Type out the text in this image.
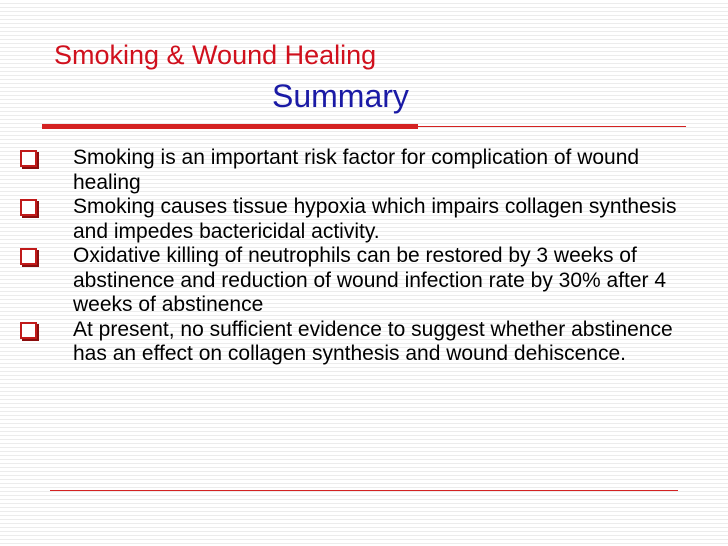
Smoking & Wound Healing
Summary
Smoking is an important risk factor for complication of wound healing
Smoking causes tissue hypoxia which impairs collagen synthesis and impedes bactericidal activity.
Oxidative killing of neutrophils can be restored by 3 weeks of abstinence and reduction of wound infection rate by 30% after 4 weeks of abstinence
At present, no sufficient evidence to suggest whether abstinence has an effect on collagen synthesis and wound dehiscence.
